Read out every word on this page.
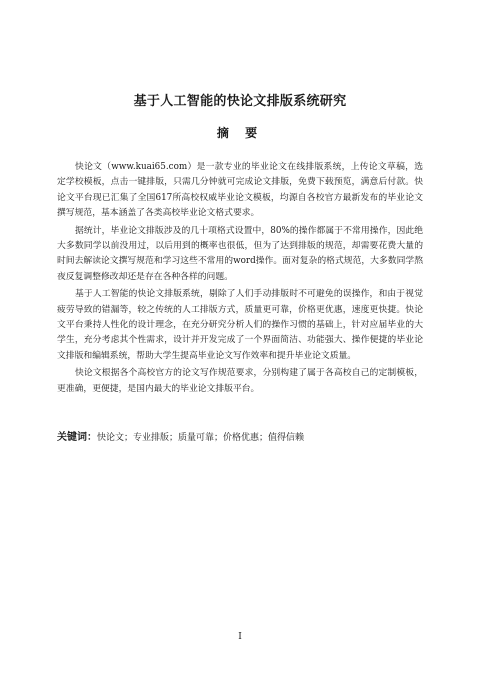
基于人工智能的快论文排版系统研究
摘 要

快论文（www.kuai65.com）是一款专业的毕业论文在线排版系统，上传论文草稿，选定学校模板，点击一键排版，只需几分钟就可完成论文排版，免费下载预览，满意后付款。快论文平台现已汇集了全国617所高校权威毕业论文模板，均源自各校官方最新发布的毕业论文撰写规范，基本涵盖了各类高校毕业论文格式要求。

据统计，毕业论文排版涉及的几十项格式设置中，80%的操作都属于不常用操作，因此绝大多数同学以前没用过，以后用到的概率也很低，但为了达到排版的规范，却需要花费大量的时间去解读论文撰写规范和学习这些不常用的word操作。面对复杂的格式规范，大多数同学熬夜反复调整修改却还是存在各种各样的问题。

基于人工智能的快论文排版系统，剔除了人们手动排版时不可避免的误操作，和由于视觉疲劳导致的错漏等，较之传统的人工排版方式，质量更可靠，价格更优惠，速度更快捷。快论文平台秉持人性化的设计理念，在充分研究分析人们的操作习惯的基础上，针对应届毕业的大学生，充分考虑其个性需求，设计并开发完成了一个界面简洁、功能强大、操作便捷的毕业论文排版和编辑系统，帮助大学生提高毕业论文写作效率和提升毕业论文质量。

快论文根据各个高校官方的论文写作规范要求，分别构建了属于各高校自己的定制模板，更准确，更便捷，是国内最大的毕业论文排版平台。

关键词：快论文；专业排版；质量可靠；价格优惠；值得信赖
I
